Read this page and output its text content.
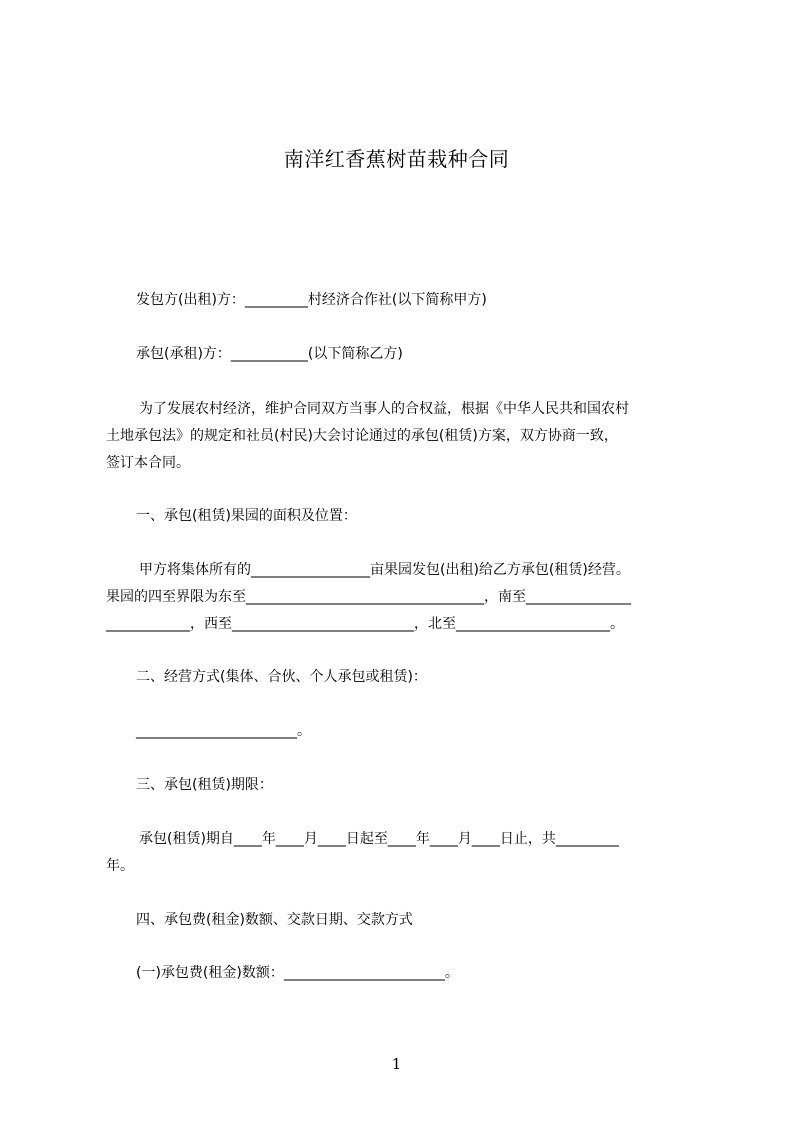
南洋红香蕉树苗栽种合同
发包方(出租)方：_________村经济合作社(以下简称甲方)
承包(承租)方：___________(以下简称乙方)
为了发展农村经济，维护合同双方当事人的合权益，根据《中华人民共和国农村
土地承包法》的规定和社员(村民)大会讨论通过的承包(租赁)方案，双方协商一致，
签订本合同。
一、承包(租赁)果园的面积及位置：
甲方将集体所有的_________________亩果园发包(出租)给乙方承包(租赁)经营。
果园的四至界限为东至__________________________________，南至_______________
____________，西至__________________________，北至______________________。
二、经营方式(集体、合伙、个人承包或租赁)：
_______________________。
三、承包(租赁)期限：
承包(租赁)期自____年____月____日起至____年____月____日止，共_________
年。
四、承包费(租金)数额、交款日期、交款方式
(一)承包费(租金)数额：_______________________。
1
